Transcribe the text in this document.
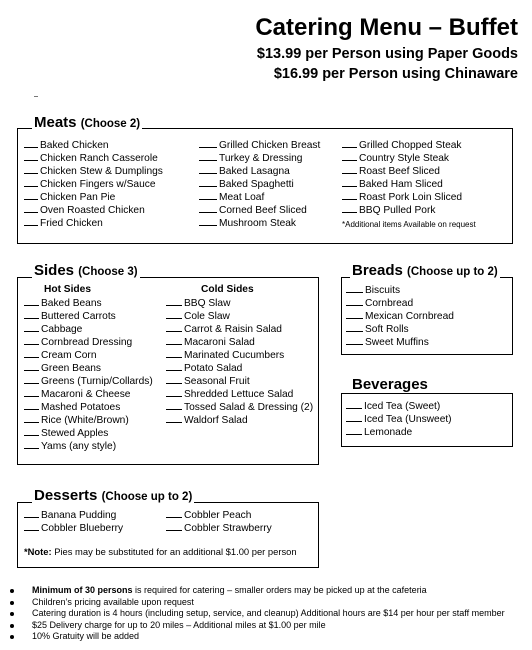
Catering Menu – Buffet
$13.99 per Person using Paper Goods
$16.99 per Person using Chinaware
Meats (Choose 2)
Baked Chicken
Chicken Ranch Casserole
Chicken Stew & Dumplings
Chicken Fingers w/Sauce
Chicken Pan Pie
Oven Roasted Chicken
Fried Chicken
Grilled Chicken Breast
Turkey & Dressing
Baked Lasagna
Baked Spaghetti
Meat Loaf
Corned Beef Sliced
Mushroom Steak
Grilled Chopped Steak
Country Style Steak
Roast Beef Sliced
Baked Ham Sliced
Roast Pork Loin Sliced
BBQ Pulled Pork
*Additional items Available on request
Sides (Choose 3)
Hot Sides	Cold Sides
Baked Beans
Buttered Carrots
Cabbage
Cornbread Dressing
Cream Corn
Green Beans
Greens (Turnip/Collards)
Macaroni & Cheese
Mashed Potatoes
Rice (White/Brown)
Stewed Apples
Yams (any style)
BBQ Slaw
Cole Slaw
Carrot & Raisin Salad
Macaroni Salad
Marinated Cucumbers
Potato Salad
Seasonal Fruit
Shredded Lettuce Salad
Tossed Salad & Dressing (2)
Waldorf Salad
Breads (Choose up to 2)
Biscuits
Cornbread
Mexican Cornbread
Soft Rolls
Sweet Muffins
Beverages
Iced Tea (Sweet)
Iced Tea (Unsweet)
Lemonade
Desserts (Choose up to 2)
Banana Pudding
Cobbler Blueberry
Cobbler Peach
Cobbler Strawberry
*Note: Pies may be substituted for an additional $1.00 per person
Minimum of 30 persons is required for catering – smaller orders may be picked up at the cafeteria
Children’s pricing available upon request
Catering duration is 4 hours (including setup, service, and cleanup) Additional hours are $14 per hour per staff member
$25 Delivery charge for up to 20 miles – Additional miles at $1.00 per mile
10% Gratuity will be added
